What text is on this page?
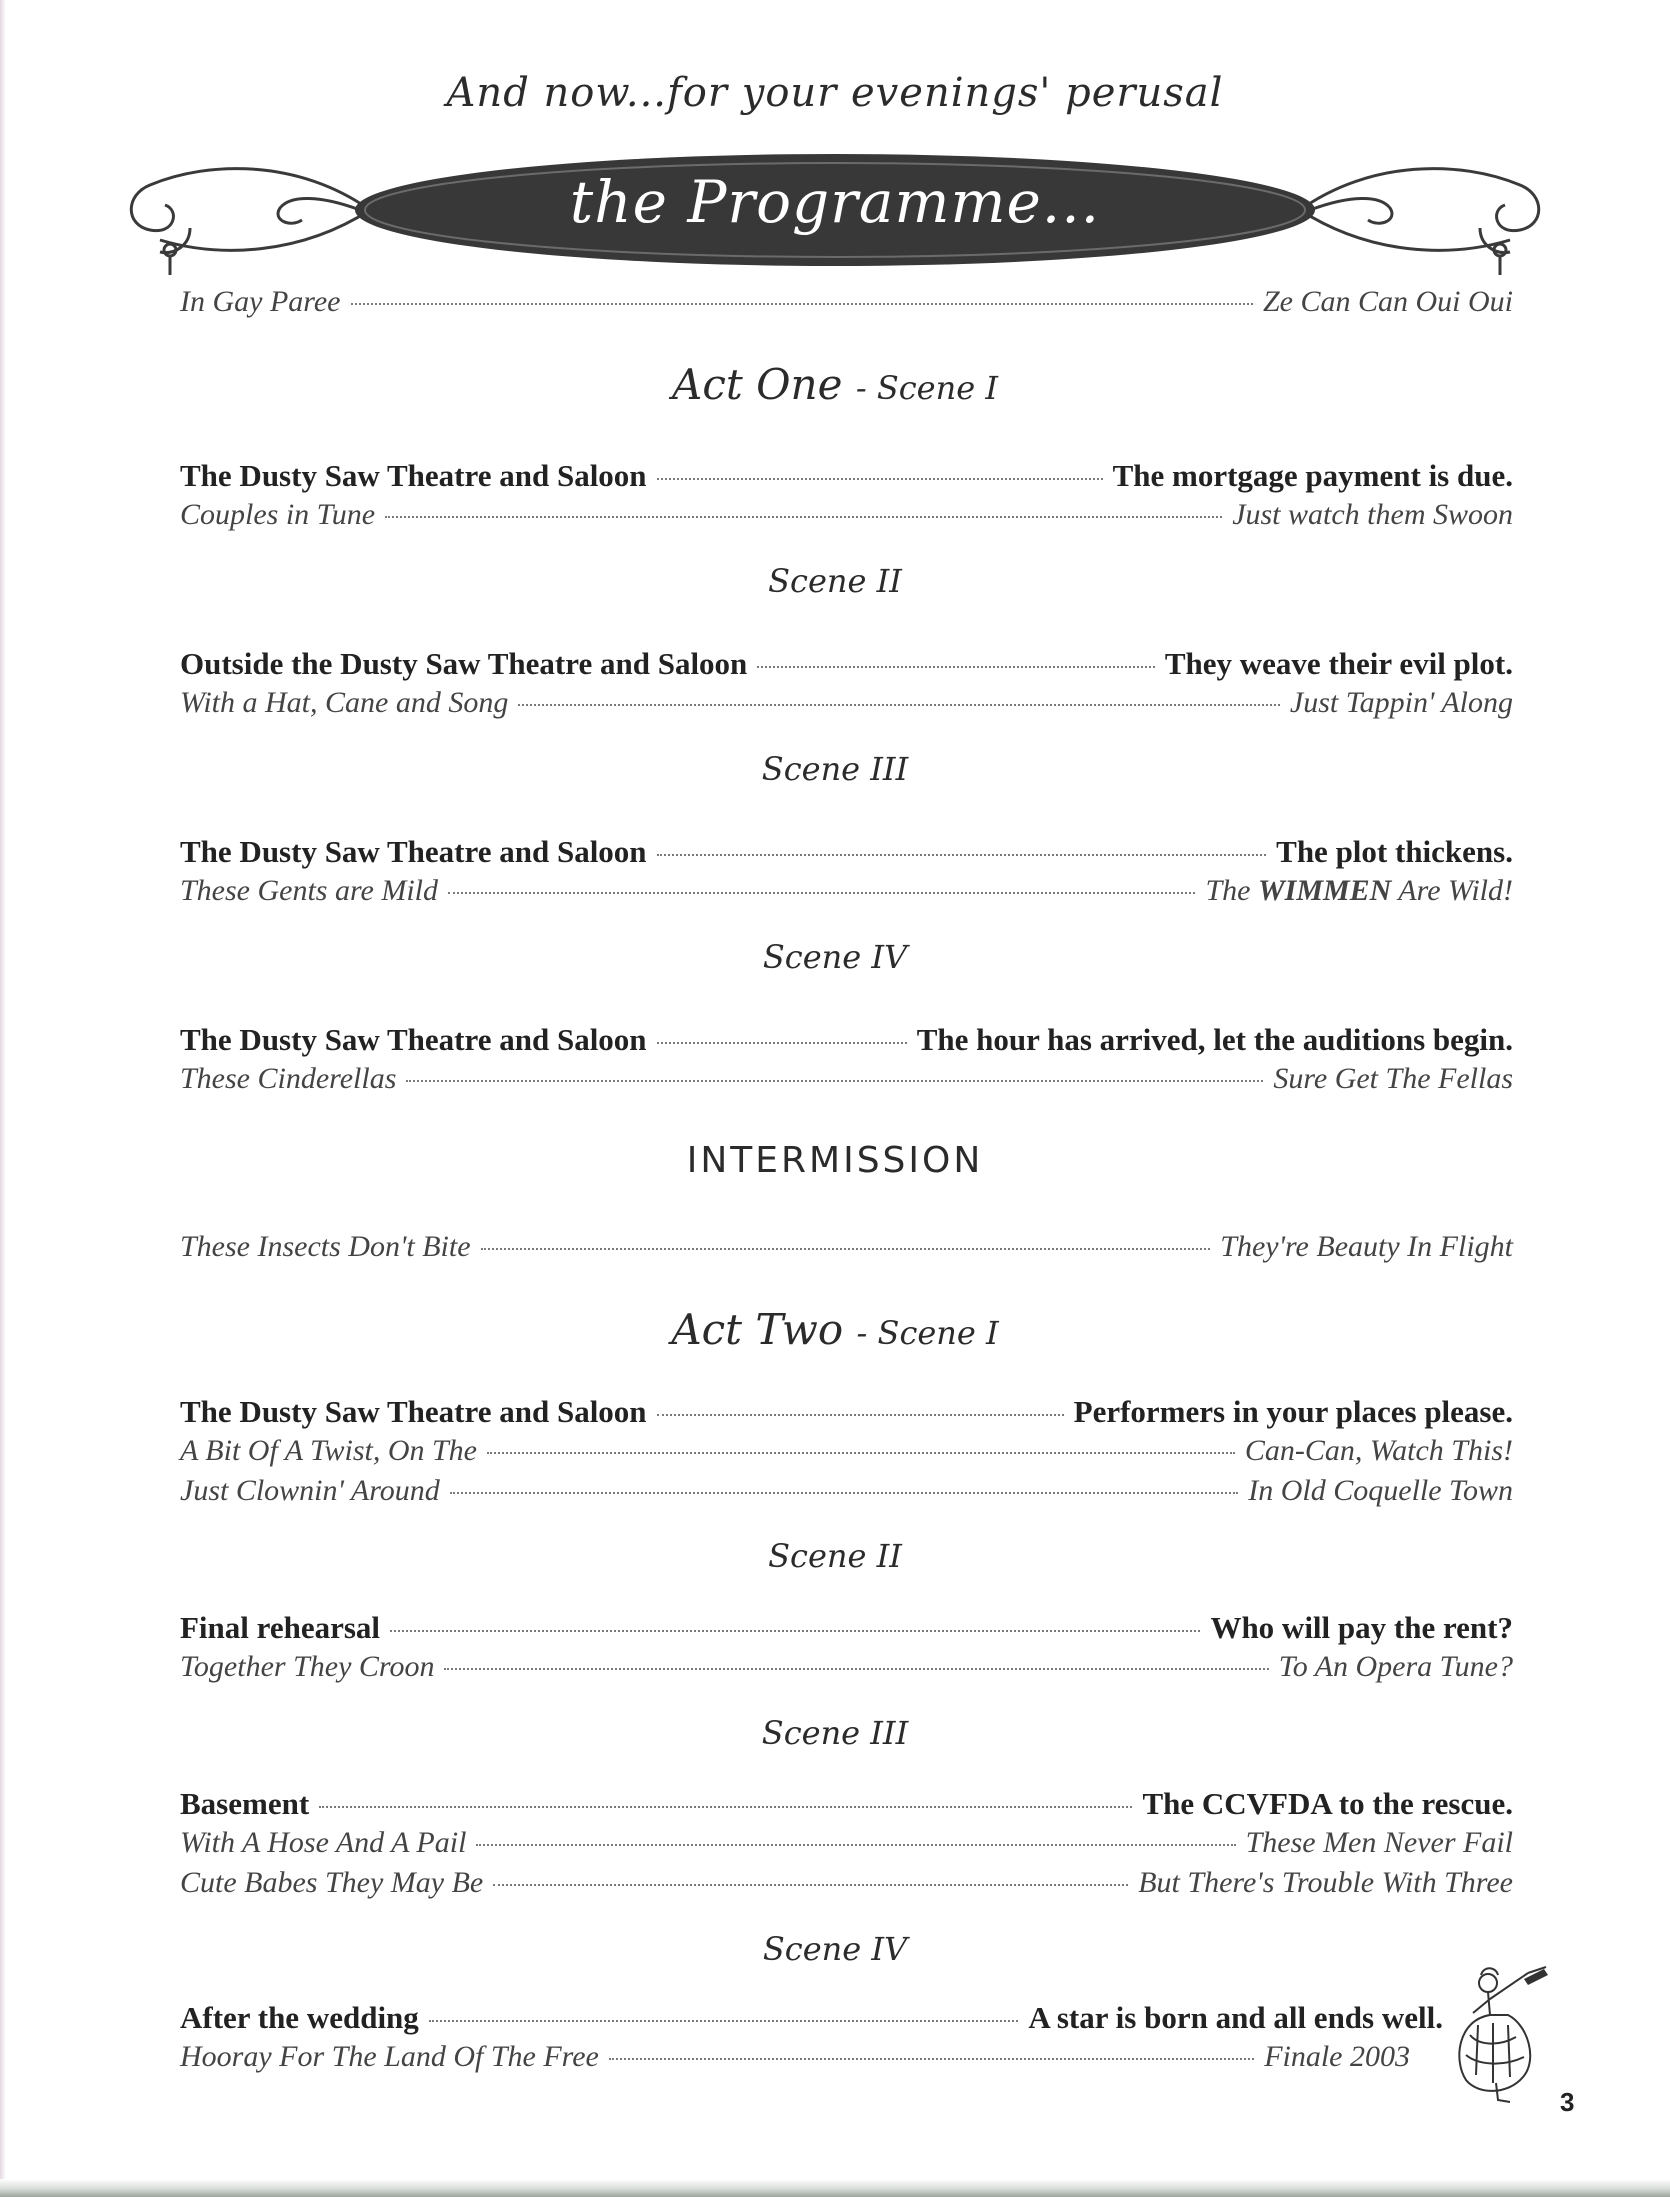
And now...for your evenings' perusal
the Programme...
In Gay Paree	Ze Can Can Oui Oui
Act One - Scene I
The Dusty Saw Theatre and Saloon	The mortgage payment is due.
Couples in Tune	Just watch them Swoon
Scene II
Outside the Dusty Saw Theatre and Saloon	They weave their evil plot.
With a Hat, Cane and Song	Just Tappin' Along
Scene III
The Dusty Saw Theatre and Saloon	The plot thickens.
These Gents are Mild	The WIMMEN Are Wild!
Scene IV
The Dusty Saw Theatre and Saloon	The hour has arrived, let the auditions begin.
These Cinderellas	Sure Get The Fellas
INTERMISSION
These Insects Don't Bite	They're Beauty In Flight
Act Two - Scene I
The Dusty Saw Theatre and Saloon	Performers in your places please.
A Bit Of A Twist, On The	Can-Can, Watch This!
Just Clownin' Around	In Old Coquelle Town
Scene II
Final rehearsal	Who will pay the rent?
Together They Croon	To An Opera Tune?
Scene III
Basement	The CCVFDA to the rescue.
With A Hose And A Pail	These Men Never Fail
Cute Babes They May Be	But There's Trouble With Three
Scene IV
After the wedding	A star is born and all ends well.
Hooray For The Land Of The Free	Finale 2003
3
